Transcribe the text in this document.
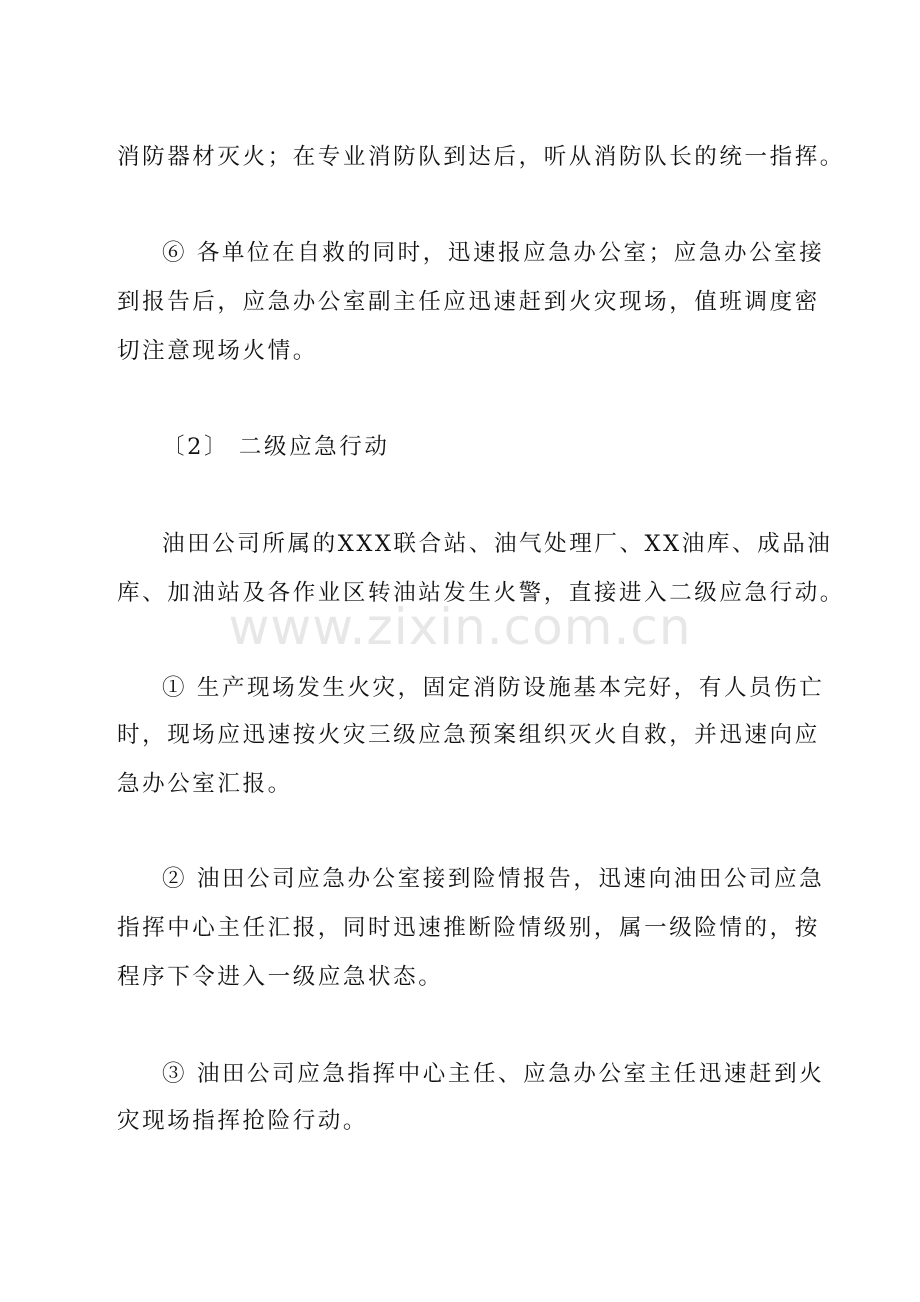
www.zixin.com.cn
消防器材灭火；在专业消防队到达后，听从消防队长的统一指挥。
⑥ 各单位在自救的同时，迅速报应急办公室；应急办公室接
到报告后，应急办公室副主任应迅速赶到火灾现场，值班调度密
切注意现场火情。
〔2〕 二级应急行动
油田公司所属的XXX联合站、油气处理厂、XX油库、成品油
库、加油站及各作业区转油站发生火警，直接进入二级应急行动。
① 生产现场发生火灾，固定消防设施基本完好，有人员伤亡
时，现场应迅速按火灾三级应急预案组织灭火自救，并迅速向应
急办公室汇报。
② 油田公司应急办公室接到险情报告，迅速向油田公司应急
指挥中心主任汇报，同时迅速推断险情级别，属一级险情的，按
程序下令进入一级应急状态。
③ 油田公司应急指挥中心主任、应急办公室主任迅速赶到火
灾现场指挥抢险行动。
